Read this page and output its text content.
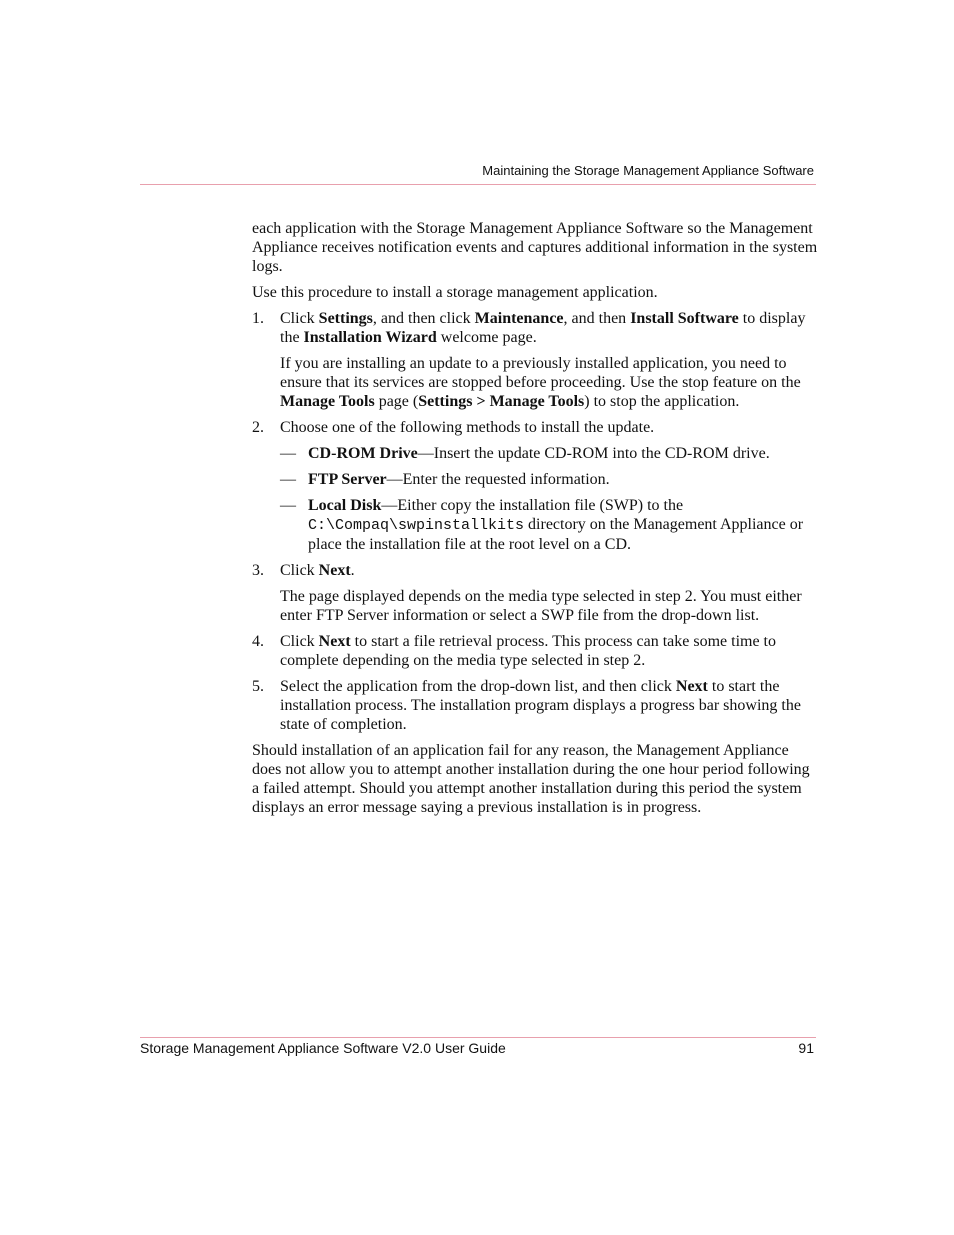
Maintaining the Storage Management Appliance Software

each application with the Storage Management Appliance Software so the Management Appliance receives notification events and captures additional information in the system logs.

Use this procedure to install a storage management application.

1. Click Settings, and then click Maintenance, and then Install Software to display the Installation Wizard welcome page.

If you are installing an update to a previously installed application, you need to ensure that its services are stopped before proceeding. Use the stop feature on the Manage Tools page (Settings > Manage Tools) to stop the application.

2. Choose one of the following methods to install the update.

— CD-ROM Drive—Insert the update CD-ROM into the CD-ROM drive.
— FTP Server—Enter the requested information.
— Local Disk—Either copy the installation file (SWP) to the
C:\Compaq\swpinstallkits directory on the Management Appliance or place the installation file at the root level on a CD.
3. Click Next.

The page displayed depends on the media type selected in step 2. You must either enter FTP Server information or select a SWP file from the drop-down list.

4. Click Next to start a file retrieval process. This process can take some time to complete depending on the media type selected in step 2.

5. Select the application from the drop-down list, and then click Next to start the installation process. The installation program displays a progress bar showing the state of completion.

Should installation of an application fail for any reason, the Management Appliance does not allow you to attempt another installation during the one hour period following a failed attempt. Should you attempt another installation during this period the system displays an error message saying a previous installation is in progress.

Storage Management Appliance Software V2.0 User Guide	91
